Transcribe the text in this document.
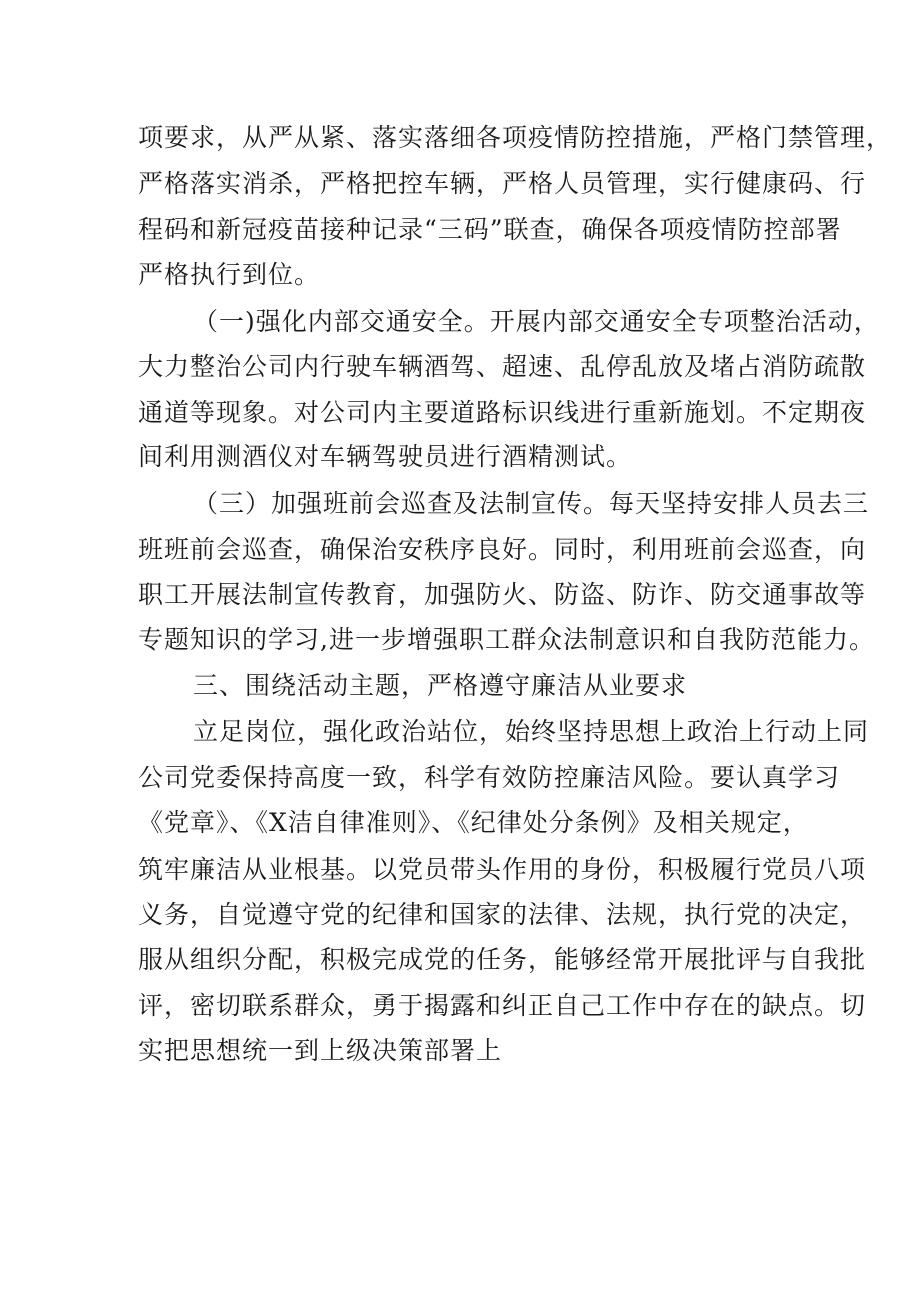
项要求，从严从紧、落实落细各项疫情防控措施，严格门禁管理，
严格落实消杀，严格把控车辆，严格人员管理，实行健康码、行
程码和新冠疫苗接种记录“三码”联查，确保各项疫情防控部署
严格执行到位。
（一)强化内部交通安全。开展内部交通安全专项整治活动，
大力整治公司内行驶车辆酒驾、超速、乱停乱放及堵占消防疏散
通道等现象。对公司内主要道路标识线进行重新施划。不定期夜
间利用测酒仪对车辆驾驶员进行酒精测试。
（三）加强班前会巡查及法制宣传。每天坚持安排人员去三
班班前会巡查，确保治安秩序良好。同时，利用班前会巡查，向
职工开展法制宣传教育，加强防火、防盗、防诈、防交通事故等
专题知识的学习,进一步增强职工群众法制意识和自我防范能力。
三、围绕活动主题，严格遵守廉洁从业要求
立足岗位，强化政治站位，始终坚持思想上政治上行动上同
公司党委保持高度一致，科学有效防控廉洁风险。要认真学习
《党章》、《X洁自律准则》、《纪律处分条例》及相关规定，
筑牢廉洁从业根基。以党员带头作用的身份，积极履行党员八项
义务，自觉遵守党的纪律和国家的法律、法规，执行党的决定，
服从组织分配，积极完成党的任务，能够经常开展批评与自我批
评，密切联系群众，勇于揭露和纠正自己工作中存在的缺点。切
实把思想统一到上级决策部署上
